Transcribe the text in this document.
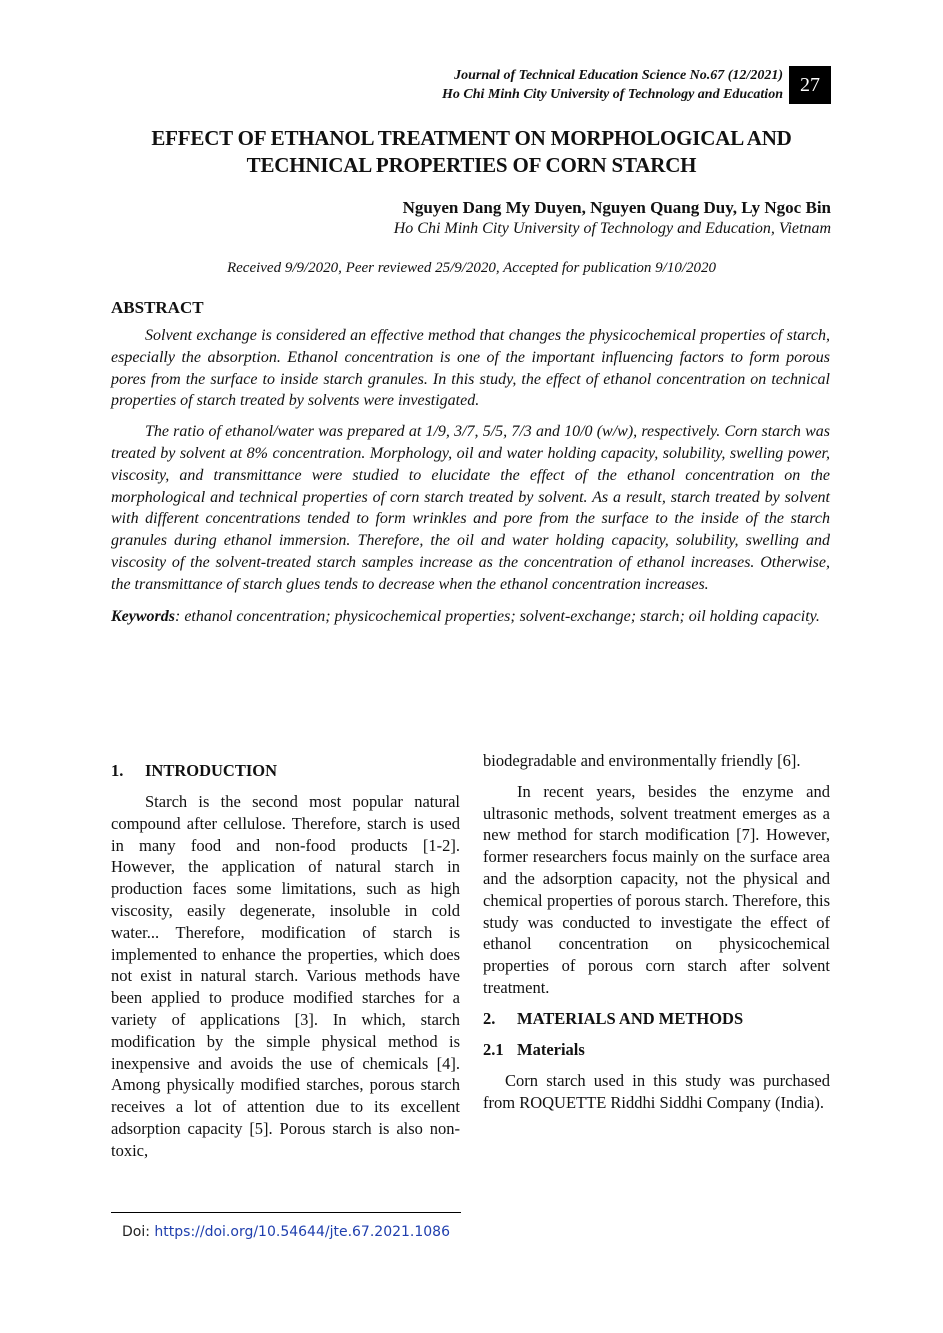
Journal of Technical Education Science No.67 (12/2021)
Ho Chi Minh City University of Technology and Education 27
EFFECT OF ETHANOL TREATMENT ON MORPHOLOGICAL AND
TECHNICAL PROPERTIES OF CORN STARCH
Nguyen Dang My Duyen, Nguyen Quang Duy, Ly Ngoc Bin
Ho Chi Minh City University of Technology and Education, Vietnam
Received 9/9/2020, Peer reviewed 25/9/2020, Accepted for publication 9/10/2020
ABSTRACT

Solvent exchange is considered an effective method that changes the physicochemical properties of starch, especially the absorption. Ethanol concentration is one of the important influencing factors to form porous pores from the surface to inside starch granules. In this study, the effect of ethanol concentration on technical properties of starch treated by solvents were investigated.

The ratio of ethanol/water was prepared at 1/9, 3/7, 5/5, 7/3 and 10/0 (w/w), respectively. Corn starch was treated by solvent at 8% concentration. Morphology, oil and water holding capacity, solubility, swelling power, viscosity, and transmittance were studied to elucidate the effect of the ethanol concentration on the morphological and technical properties of corn starch treated by solvent. As a result, starch treated by solvent with different concentrations tended to form wrinkles and pore from the surface to the inside of the starch granules during ethanol immersion. Therefore, the oil and water holding capacity, solubility, swelling and viscosity of the solvent-treated starch samples increase as the concentration of ethanol increases. Otherwise, the transmittance of starch glues tends to decrease when the ethanol concentration increases.

Keywords: ethanol concentration; physicochemical properties; solvent-exchange; starch; oil holding capacity.

1. INTRODUCTION

Starch is the second most popular natural compound after cellulose. Therefore, starch is used in many food and non-food products [1-2]. However, the application of natural starch in production faces some limitations, such as high viscosity, easily degenerate, insoluble in cold water... Therefore, modification of starch is implemented to enhance the properties, which does not exist in natural starch. Various methods have been applied to produce modified starches for a variety of applications [3]. In which, starch modification by the simple physical method is inexpensive and avoids the use of chemicals [4]. Among physically modified starches, porous starch receives a lot of attention due to its excellent adsorption capacity [5]. Porous starch is also non-toxic,

biodegradable and environmentally friendly [6].

In recent years, besides the enzyme and ultrasonic methods, solvent treatment emerges as a new method for starch modification [7]. However, former researchers focus mainly on the surface area and the adsorption capacity, not the physical and chemical properties of porous starch. Therefore, this study was conducted to investigate the effect of ethanol concentration on physicochemical properties of porous corn starch after solvent treatment.

2. MATERIALS AND METHODS
2.1 Materials

Corn starch used in this study was purchased from ROQUETTE Riddhi Siddhi Company (India).

Doi: https://doi.org/10.54644/jte.67.2021.1086
